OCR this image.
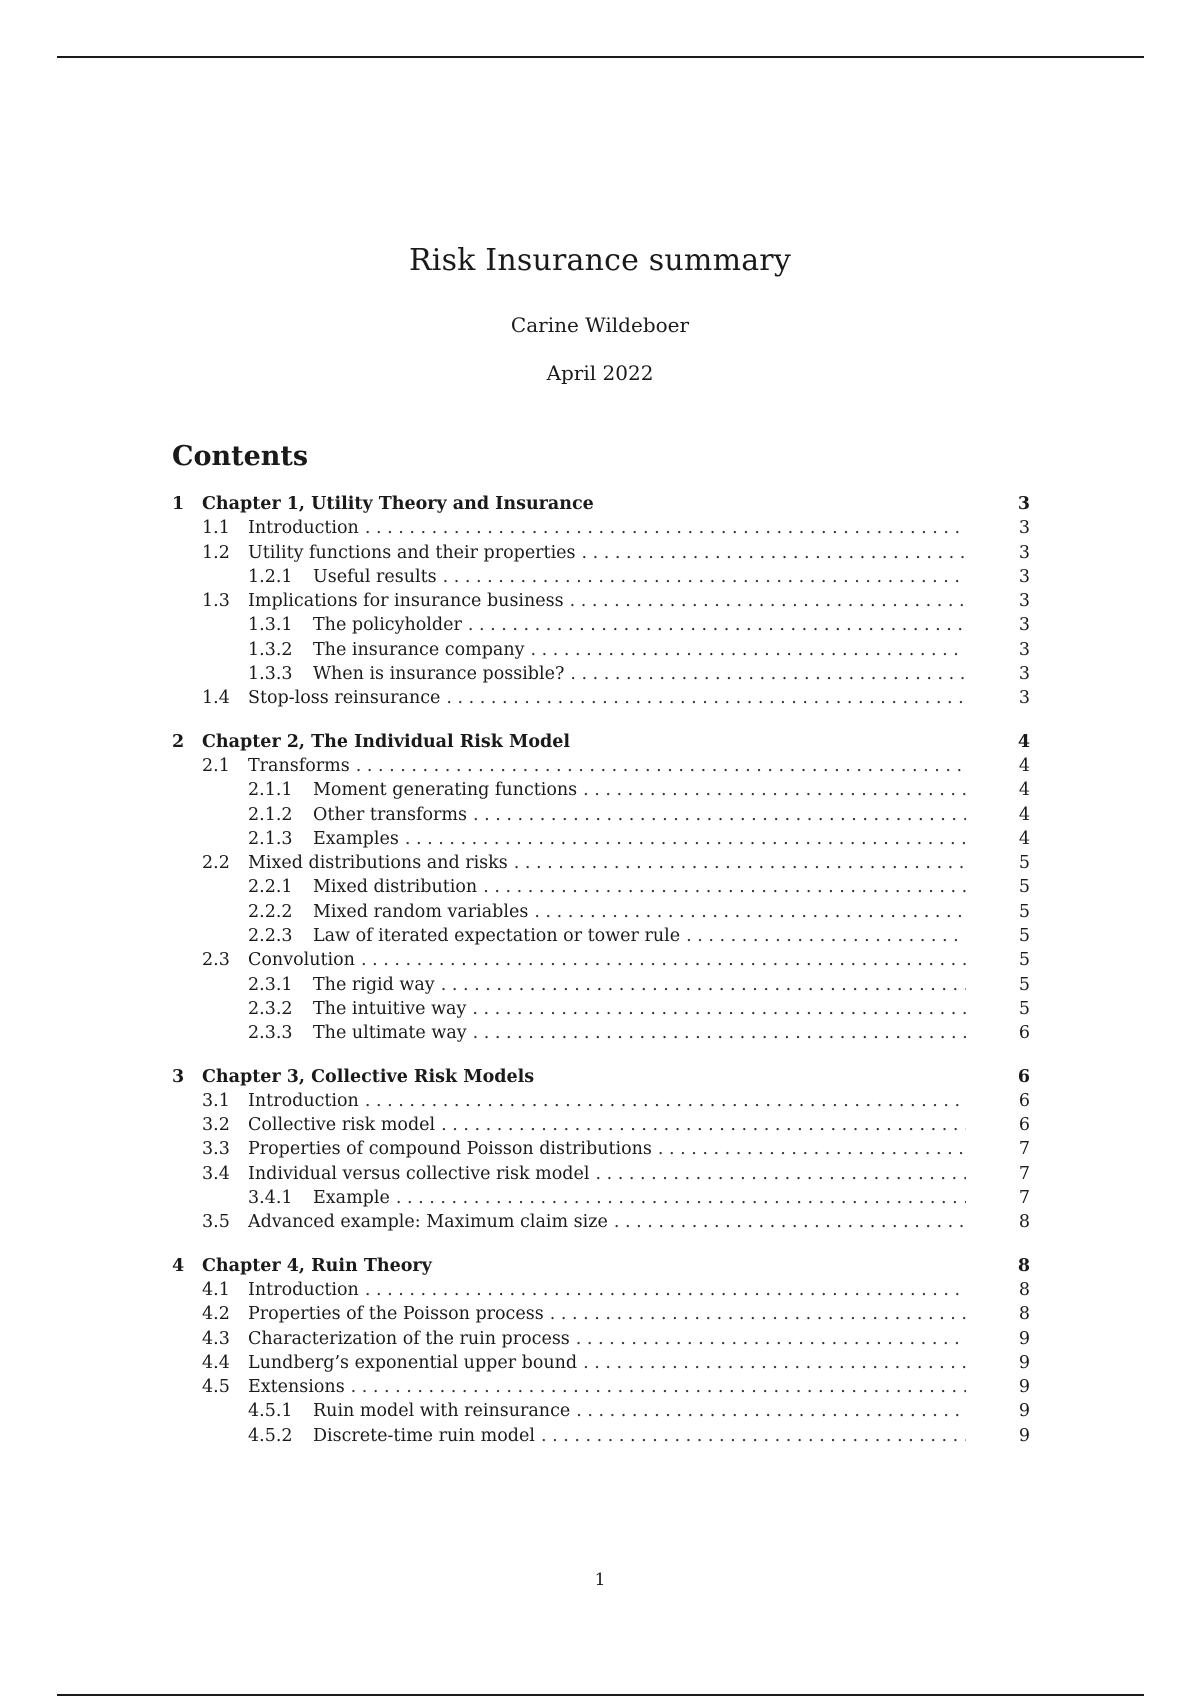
Risk Insurance summary
Carine Wildeboer
April 2022
Contents
1	Chapter 1, Utility Theory and Insurance	3
1.1	Introduction . . .	3
1.2	Utility functions and their properties . . .	3
1.2.1	Useful results . . .	3
1.3	Implications for insurance business . . .	3
1.3.1	The policyholder . . .	3
1.3.2	The insurance company . . .	3
1.3.3	When is insurance possible? . . .	3
1.4	Stop-loss reinsurance . . .	3
2	Chapter 2, The Individual Risk Model	4
2.1	Transforms . . .	4
2.1.1	Moment generating functions . . .	4
2.1.2	Other transforms . . .	4
2.1.3	Examples . . .	4
2.2	Mixed distributions and risks . . .	5
2.2.1	Mixed distribution . . .	5
2.2.2	Mixed random variables . . .	5
2.2.3	Law of iterated expectation or tower rule . . .	5
2.3	Convolution . . .	5
2.3.1	The rigid way . . .	5
2.3.2	The intuitive way . . .	5
2.3.3	The ultimate way . . .	6
3	Chapter 3, Collective Risk Models	6
3.1	Introduction . . .	6
3.2	Collective risk model . . .	6
3.3	Properties of compound Poisson distributions . . .	7
3.4	Individual versus collective risk model . . .	7
3.4.1	Example . . .	7
3.5	Advanced example: Maximum claim size . . .	8
4	Chapter 4, Ruin Theory	8
4.1	Introduction . . .	8
4.2	Properties of the Poisson process . . .	8
4.3	Characterization of the ruin process . . .	9
4.4	Lundberg’s exponential upper bound . . .	9
4.5	Extensions . . .	9
4.5.1	Ruin model with reinsurance . . .	9
4.5.2	Discrete-time ruin model . . .	9
1
